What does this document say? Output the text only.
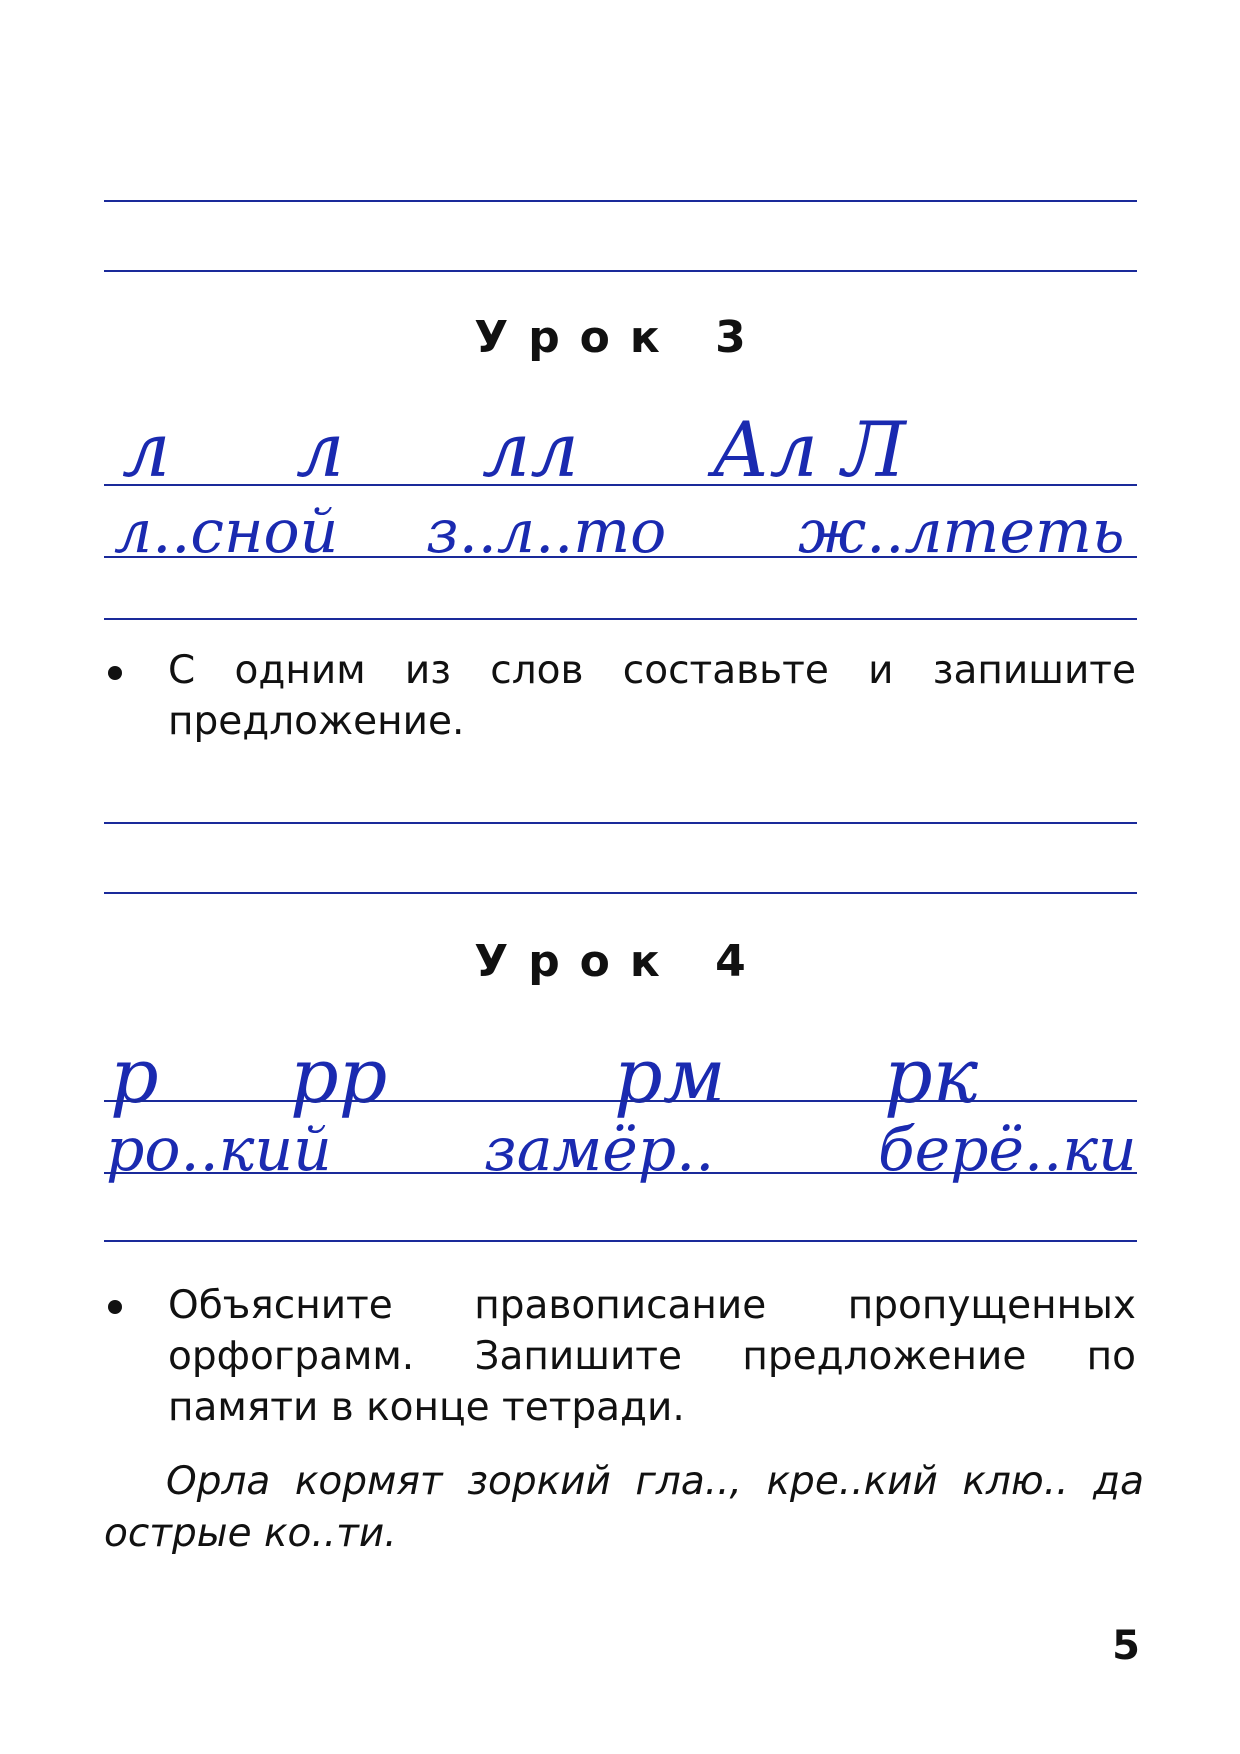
Урок 3
л л лл Ал Л
л..сной з..л..то ж..лтеть
С одним из слов составьте и запишите предложение.
Урок 4
р рр	рм рк
ро..кий	замёр..	берё..ки
Объясните правописание пропущенных орфограмм. Запишите предложение по памяти в конце тетради.
Орла кормят зоркий гла.., кре..кий клю.. да острые ко..ти.
5
